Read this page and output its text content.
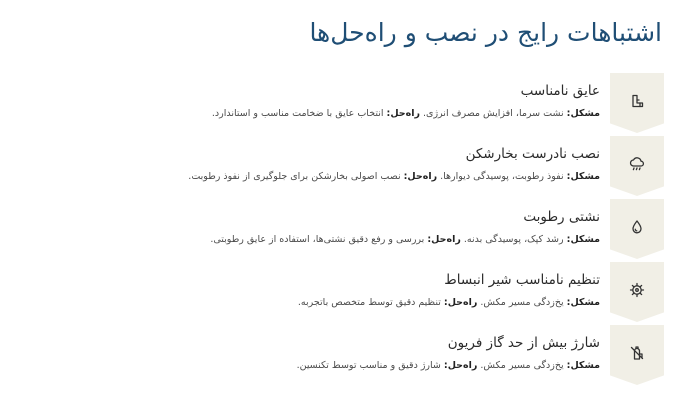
اشتباهات رایج در نصب و راه‌حل‌ها
عایق نامناسب

مشکل: نشت سرما، افزایش مصرف انرژی. راه‌حل: انتخاب عایق با ضخامت مناسب و استاندارد.

نصب نادرست بخارشکن

مشکل: نفوذ رطوبت، پوسیدگی دیوارها. راه‌حل: نصب اصولی بخارشکن برای جلوگیری از نفوذ رطوبت.

نشتی رطوبت

مشکل: رشد کپک، پوسیدگی بدنه. راه‌حل: بررسی و رفع دقیق نشتی‌ها، استفاده از عایق رطوبتی.

تنظیم نامناسب شیر انبساط

مشکل: یخ‌زدگی مسیر مکش. راه‌حل: تنظیم دقیق توسط متخصص باتجربه.

شارژ بیش از حد گاز فریون

مشکل: یخ‌زدگی مسیر مکش. راه‌حل: شارژ دقیق و مناسب توسط تکنسین.
